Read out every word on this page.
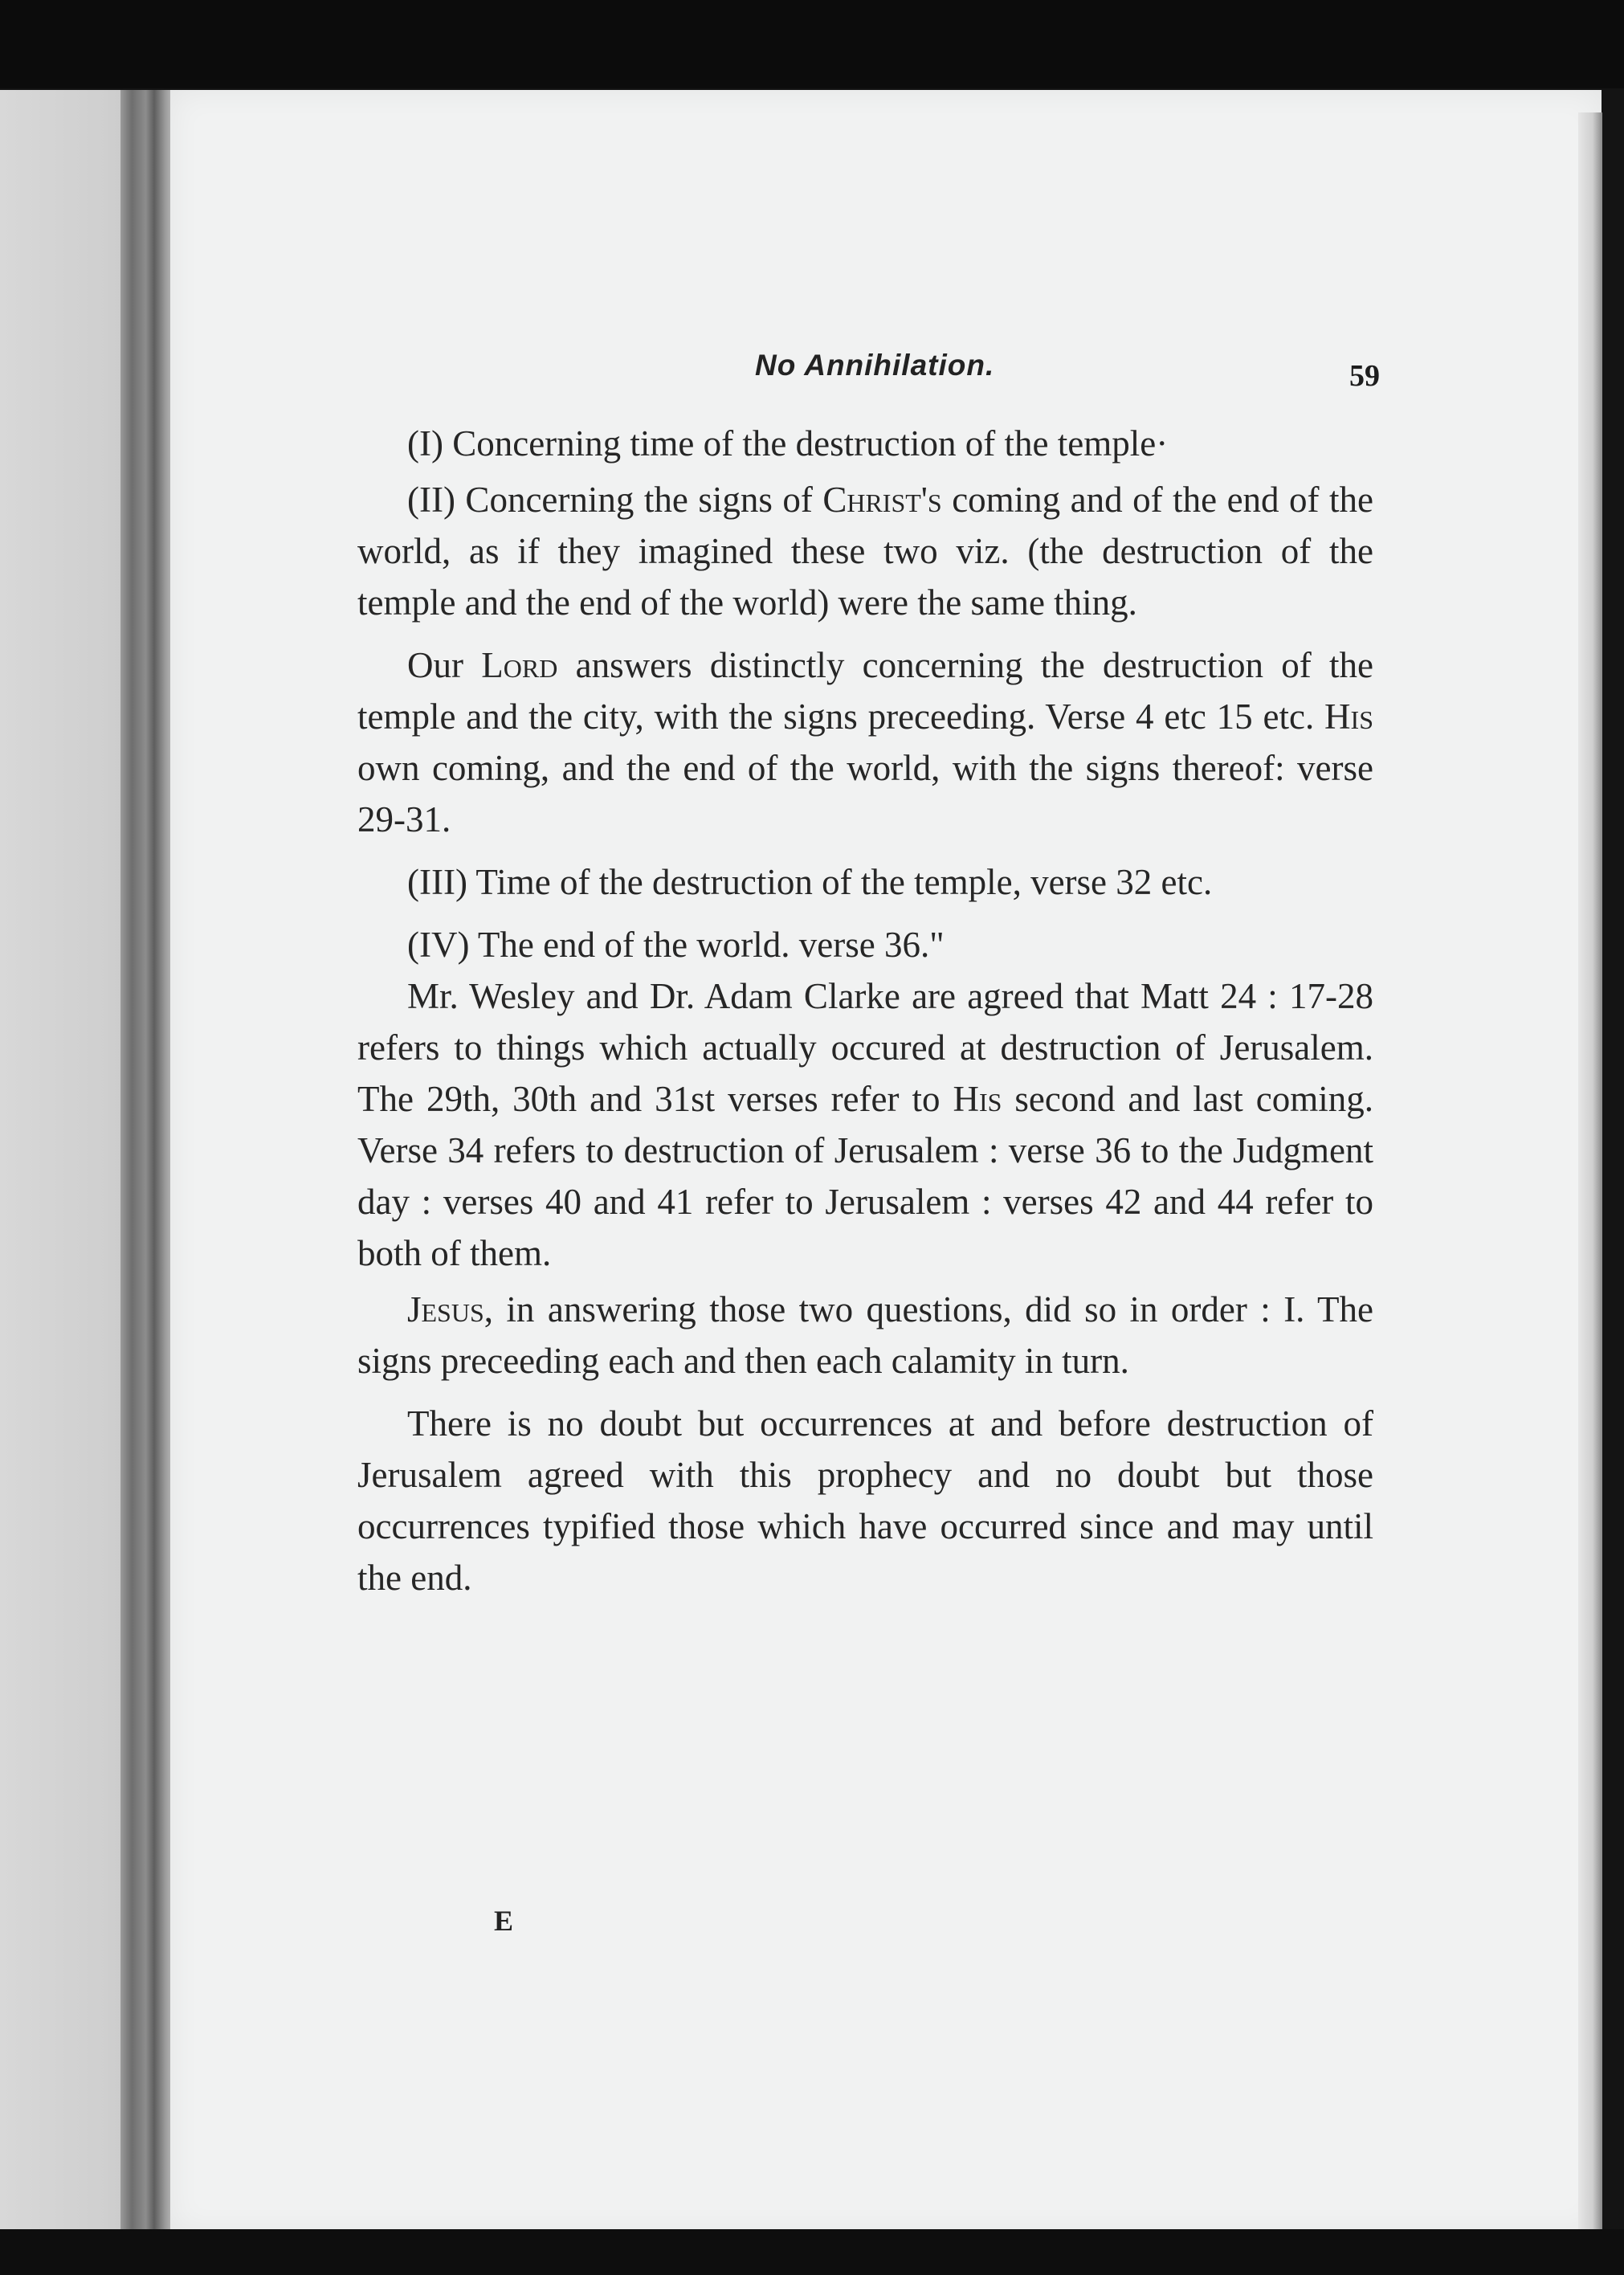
No Annihilation.	59

(I) Concerning time of the destruction of the temple·

(II) Concerning the signs of Christ's coming and of the end of the world, as if they imagined these two viz. (the destruction of the temple and the end of the world) were the same thing.

Our Lord answers distinctly concerning the destruction of the temple and the city, with the signs preceeding. Verse 4 etc 15 etc. His own coming, and the end of the world, with the signs thereof: verse 29-31.

(III) Time of the destruction of the temple, verse 32 etc.

(IV) The end of the world. verse 36."

Mr. Wesley and Dr. Adam Clarke are agreed that Matt 24 : 17-28 refers to things which actually occured at destruction of Jerusalem. The 29th, 30th and 31st verses refer to His second and last coming. Verse 34 refers to destruction of Jerusalem : verse 36 to the Judgment day : verses 40 and 41 refer to Jerusalem : verses 42 and 44 refer to both of them.

Jesus, in answering those two questions, did so in order : I. The signs preceeding each and then each calamity in turn.

There is no doubt but occurrences at and before destruction of Jerusalem agreed with this prophecy and no doubt but those occurrences typified those which have occurred since and may until the end.

E
